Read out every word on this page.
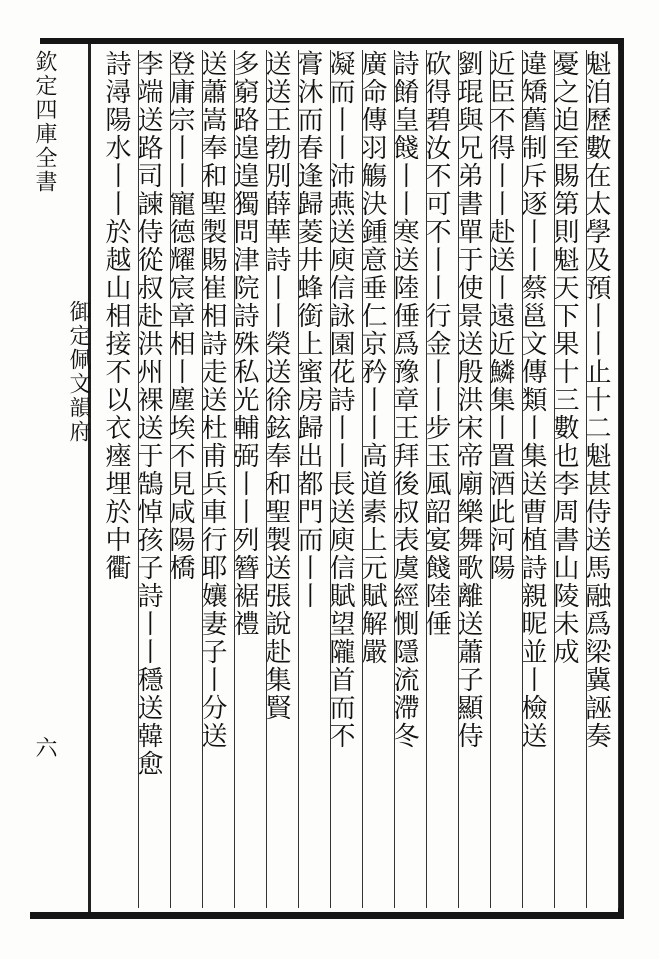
欽定四庫全書
御定佩文韻府
六	魁洎歷數在太學及預丨丨止十二魁甚侍送馬融爲梁冀誣奏
憂之迫至賜第則魁天下果十三數也李周書山陵未成
違矯舊制斥逐丨丨蔡邕文傳類丨集送曹植詩親昵並丨檢送
近臣不得丨丨赴送丨遠近鱗集丨置酒此河陽
劉琨與兄弟書單于使景送殷洪宋帝廟樂舞歌離送蕭子顯侍
砍得碧汝不可不丨丨行金丨丨步玉風韶宴餞陸倕
詩餚皇餞丨丨寒送陸倕爲豫章王拜後叔表虞經惻隱流滯冬
廣命傳羽觴決鍾意垂仁京矜丨丨高道素上元賦解嚴
凝而丨丨沛燕送庾信詠園花詩丨丨長送庾信賦望隴首而不
膏沐而春逢歸菱井蜂銜上蜜房歸出都門而丨丨
送送王勃別薛華詩丨丨榮送徐鉉奉和聖製送張說赴集賢
多窮路遑遑獨問津院詩殊私光輔弼丨丨列簪裾禮
送蕭嵩奉和聖製賜崔相詩走送杜甫兵車行耶孃妻子丨分送
登庸宗丨丨寵德耀宸章相丨塵埃不見咸陽橋
李端送路司諫侍從叔赴洪州裸送于鵠悼孩子詩丨丨穩送韓愈
詩潯陽水丨丨於越山相接不以衣瘞埋於中衢
